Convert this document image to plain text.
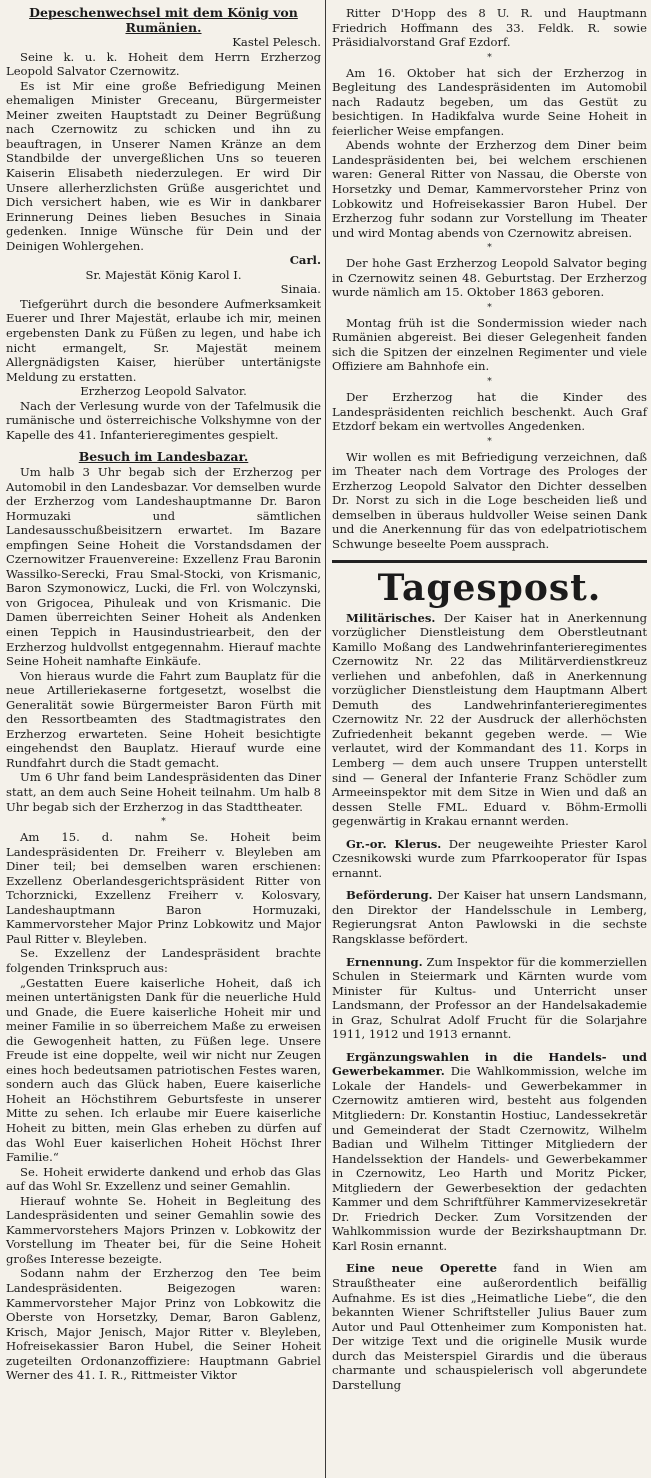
Depeschenwechsel mit dem König von Rumänien.

Kastel Pelesch.

Seine k. u. k. Hoheit dem Herrn Erzherzog Leopold Salvator Czernowitz.

Es ist Mir eine große Befriedigung Meinen ehemaligen Minister Greceanu, Bürgermeister Meiner zweiten Hauptstadt zu Deiner Begrüßung nach Czernowitz zu schicken und ihn zu beauftragen, in Unserer Namen Kränze an dem Standbilde der unvergeßlichen Uns so teueren Kaiserin Elisabeth niederzulegen. Er wird Dir Unsere allerherzlichsten Grüße ausgerichtet und Dich versichert haben, wie es Wir in dankbarer Erinnerung Deines lieben Besuches in Sinaia gedenken. Innige Wünsche für Dein und der Deinigen Wohlergehen.

Carl.

Sr. Majestät König Karol I.

Sinaia.

Tiefgerührt durch die besondere Aufmerksamkeit Euerer und Ihrer Majestät, erlaube ich mir, meinen ergebensten Dank zu Füßen zu legen, und habe ich nicht ermangelt, Sr. Majestät meinem Allergnädigsten Kaiser, hierüber untertänigste Meldung zu erstatten.

Erzherzog Leopold Salvator.

Nach der Verlesung wurde von der Tafelmusik die rumänische und österreichische Volkshymne von der Kapelle des 41. Infanterieregimentes gespielt.

Besuch im Landesbazar.

Um halb 3 Uhr begab sich der Erzherzog per Automobil in den Landesbazar. Vor demselben wurde der Erzherzog vom Landeshauptmanne Dr. Baron Hormuzaki und sämtlichen Landesausschußbeisitzern erwartet. Im Bazare empfingen Seine Hoheit die Vorstandsdamen der Czernowitzer Frauenvereine: Exzellenz Frau Baronin Wassilko-Serecki, Frau Smal-Stocki, von Krismanic, Baron Szymonowicz, Lucki, die Frl. von Wolczynski, von Grigocea, Pihuleak und von Krismanic. Die Damen überreichten Seiner Hoheit als Andenken einen Teppich in Hausindustriearbeit, den der Erzherzog huldvollst entgegennahm. Hierauf machte Seine Hoheit namhafte Einkäufe.

Von hieraus wurde die Fahrt zum Bauplatz für die neue Artilleriekaserne fortgesetzt, woselbst die Generalität sowie Bürgermeister Baron Fürth mit den Ressortbeamten des Stadtmagistrates den Erzherzog erwarteten. Seine Hoheit besichtigte eingehendst den Bauplatz. Hierauf wurde eine Rundfahrt durch die Stadt gemacht.

Um 6 Uhr fand beim Landespräsidenten das Diner statt, an dem auch Seine Hoheit teilnahm. Um halb 8 Uhr begab sich der Erzherzog in das Stadttheater.

*

Am 15. d. nahm Se. Hoheit beim Landespräsidenten Dr. Freiherr v. Bleyleben am Diner teil; bei demselben waren erschienen: Exzellenz Oberlandesgerichtspräsident Ritter von Tchorznicki, Exzellenz Freiherr v. Kolosvary, Landeshauptmann Baron Hormuzaki, Kammervorsteher Major Prinz Lobkowitz und Major Paul Ritter v. Bleyleben.

Se. Exzellenz der Landespräsident brachte folgenden Trinkspruch aus:

„Gestatten Euere kaiserliche Hoheit, daß ich meinen untertänigsten Dank für die neuerliche Huld und Gnade, die Euere kaiserliche Hoheit mir und meiner Familie in so überreichem Maße zu erweisen die Gewogenheit hatten, zu Füßen lege. Unsere Freude ist eine doppelte, weil wir nicht nur Zeugen eines hoch bedeutsamen patriotischen Festes waren, sondern auch das Glück haben, Euere kaiserliche Hoheit an Höchstihrem Geburtsfeste in unserer Mitte zu sehen. Ich erlaube mir Euere kaiserliche Hoheit zu bitten, mein Glas erheben zu dürfen auf das Wohl Euer kaiserlichen Hoheit Höchst Ihrer Familie.“

Se. Hoheit erwiderte dankend und erhob das Glas auf das Wohl Sr. Exzellenz und seiner Gemahlin.

Hierauf wohnte Se. Hoheit in Begleitung des Landespräsidenten und seiner Gemahlin sowie des Kammervorstehers Majors Prinzen v. Lobkowitz der Vorstellung im Theater bei, für die Seine Hoheit großes Interesse bezeigte.

Sodann nahm der Erzherzog den Tee beim Landespräsidenten. Beigezogen waren: Kammervorsteher Major Prinz von Lobkowitz die Oberste von Horsetzky, Demar, Baron Gablenz, Krisch, Major Jenisch, Major Ritter v. Bleyleben, Hofreisekassier Baron Hubel, die Seiner Hoheit zugeteilten Ordonanzoffiziere: Hauptmann Gabriel Werner des 41. I. R., Rittmeister Viktor

Ritter D'Hopp des 8 U. R. und Hauptmann Friedrich Hoffmann des 33. Feldk. R. sowie Präsidialvorstand Graf Ezdorf.

*

Am 16. Oktober hat sich der Erzherzog in Begleitung des Landespräsidenten im Automobil nach Radautz begeben, um das Gestüt zu besichtigen. In Hadikfalva wurde Seine Hoheit in feierlicher Weise empfangen.

Abends wohnte der Erzherzog dem Diner beim Landespräsidenten bei, bei welchem erschienen waren: General Ritter von Nassau, die Oberste von Horsetzky und Demar, Kammervorsteher Prinz von Lobkowitz und Hofreisekassier Baron Hubel. Der Erzherzog fuhr sodann zur Vorstellung im Theater und wird Montag abends von Czernowitz abreisen.

*

Der hohe Gast Erzherzog Leopold Salvator beging in Czernowitz seinen 48. Geburtstag. Der Erzherzog wurde nämlich am 15. Oktober 1863 geboren.

*

Montag früh ist die Sondermission wieder nach Rumänien abgereist. Bei dieser Gelegenheit fanden sich die Spitzen der einzelnen Regimenter und viele Offiziere am Bahnhofe ein.

*

Der Erzherzog hat die Kinder des Landespräsidenten reichlich beschenkt. Auch Graf Etzdorf bekam ein wertvolles Angedenken.

*

Wir wollen es mit Befriedigung verzeichnen, daß im Theater nach dem Vortrage des Prologes der Erzherzog Leopold Salvator den Dichter desselben Dr. Norst zu sich in die Loge bescheiden ließ und demselben in überaus huldvoller Weise seinen Dank und die Anerkennung für das von edelpatriotischem Schwunge beseelte Poem aussprach.

Tagespost.

Militärisches. Der Kaiser hat in Anerkennung vorzüglicher Dienstleistung dem Oberstleutnant Kamillo Moßang des Landwehrinfanterieregimentes Czernowitz Nr. 22 das Militärverdienstkreuz verliehen und anbefohlen, daß in Anerkennung vorzüglicher Dienstleistung dem Hauptmann Albert Demuth des Landwehrinfanterieregimentes Czernowitz Nr. 22 der Ausdruck der allerhöchsten Zufriedenheit bekannt gegeben werde. — Wie verlautet, wird der Kommandant des 11. Korps in Lemberg — dem auch unsere Truppen unterstellt sind — General der Infanterie Franz Schödler zum Armeeinspektor mit dem Sitze in Wien und daß an dessen Stelle FML. Eduard v. Böhm-Ermolli gegenwärtig in Krakau ernannt werden.

Gr.-or. Klerus. Der neugeweihte Priester Karol Czesnikowski wurde zum Pfarrkooperator für Ispas ernannt.

Beförderung. Der Kaiser hat unsern Landsmann, den Direktor der Handelsschule in Lemberg, Regierungsrat Anton Pawlowski in die sechste Rangsklasse befördert.

Ernennung. Zum Inspektor für die kommerziellen Schulen in Steiermark und Kärnten wurde vom Minister für Kultus- und Unterricht unser Landsmann, der Professor an der Handelsakademie in Graz, Schulrat Adolf Frucht für die Solarjahre 1911, 1912 und 1913 ernannt.

Ergänzungswahlen in die Handels- und Gewerbekammer. Die Wahlkommission, welche im Lokale der Handels- und Gewerbekammer in Czernowitz amtieren wird, besteht aus folgenden Mitgliedern: Dr. Konstantin Hostiuc, Landessekretär und Gemeinderat der Stadt Czernowitz, Wilhelm Badian und Wilhelm Tittinger Mitgliedern der Handelssektion der Handels- und Gewerbekammer in Czernowitz, Leo Harth und Moritz Picker, Mitgliedern der Gewerbesektion der gedachten Kammer und dem Schriftführer Kammervizesekretär Dr. Friedrich Decker. Zum Vorsitzenden der Wahlkommission wurde der Bezirkshauptmann Dr. Karl Rosin ernannt.

Eine neue Operette fand in Wien am Straußtheater eine außerordentlich beifällig Aufnahme. Es ist dies „Heimatliche Liebe“, die den bekannten Wiener Schriftsteller Julius Bauer zum Autor und Paul Ottenheimer zum Komponisten hat. Der witzige Text und die originelle Musik wurde durch das Meisterspiel Girardis und die überaus charmante und schauspielerisch voll abgerundete Darstellung
